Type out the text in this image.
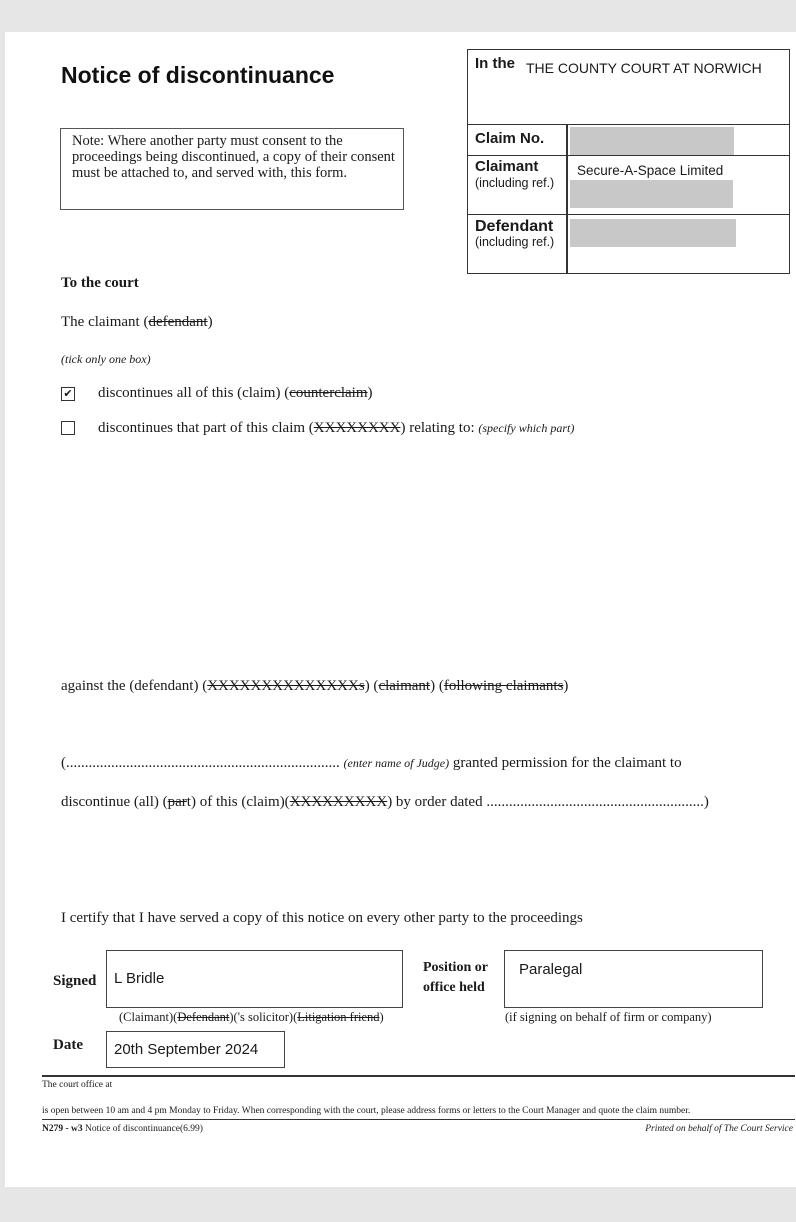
Notice of discontinuance
Note: Where another party must consent to the proceedings being discontinued, a copy of their consent must be attached to, and served with, this form.
In the THE COUNTY COURT AT NORWICH
Claim No.
Claimant
(including ref.)
Secure-A-Space Limited
Defendant
(including ref.)
To the court
The claimant (defendant)
(tick only one box)
✔ discontinues all of this (claim) (counterclaim)
discontinues that part of this claim (XXXXXXXX) relating to: (specify which part)
against the (defendant) (XXXXXXXXXXXXXXs) (claimant) (following claimants)
(......................................................................... (enter name of Judge) granted permission for the claimant to
discontinue (all) (part) of this (claim)(XXXXXXXXX) by order dated ..........................................................)
I certify that I have served a copy of this notice on every other party to the proceedings
Signed	L Bridle
(Claimant)(Defendant)('s solicitor)(Litigation friend)
Position or
office held
Paralegal
(if signing on behalf of firm or company)
Date	20th September 2024
The court office at
is open between 10 am and 4 pm Monday to Friday. When corresponding with the court, please address forms or letters to the Court Manager and quote the claim number.
N279 - w3 Notice of discontinuance(6.99)	Printed on behalf of The Court Service
